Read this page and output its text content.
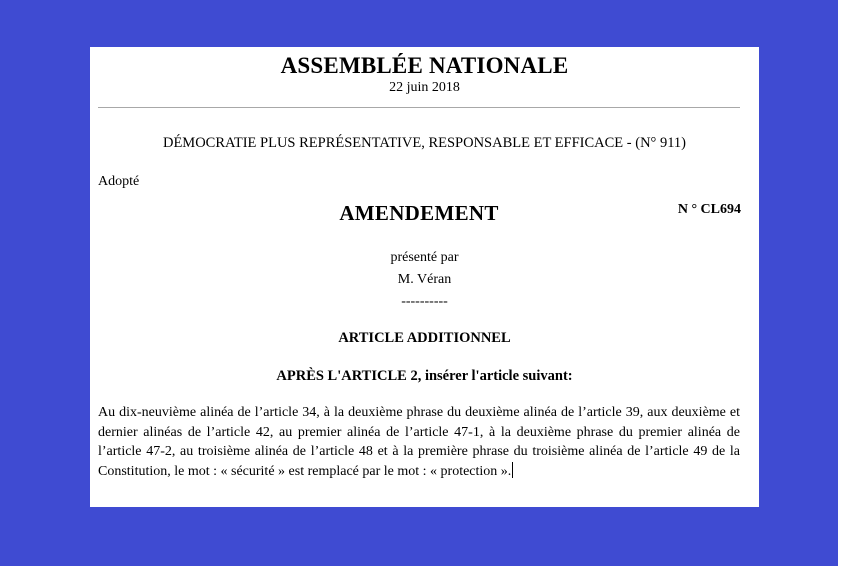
ASSEMBLÉE NATIONALE
22 juin 2018
DÉMOCRATIE PLUS REPRÉSENTATIVE, RESPONSABLE ET EFFICACE - (N° 911)
Adopté
AMENDEMENT	N ° CL694
présenté par
M. Véran
----------
ARTICLE ADDITIONNEL
APRÈS L'ARTICLE 2, insérer l'article suivant:
Au dix-neuvième alinéa de l’article 34, à la deuxième phrase du deuxième alinéa de l’article 39, aux deuxième et dernier alinéas de l’article 42, au premier alinéa de l’article 47-1, à la deuxième phrase du premier alinéa de l’article 47-2, au troisième alinéa de l’article 48 et à la première phrase du troisième alinéa de l’article 49 de la Constitution, le mot : « sécurité » est remplacé par le mot : « protection ».
